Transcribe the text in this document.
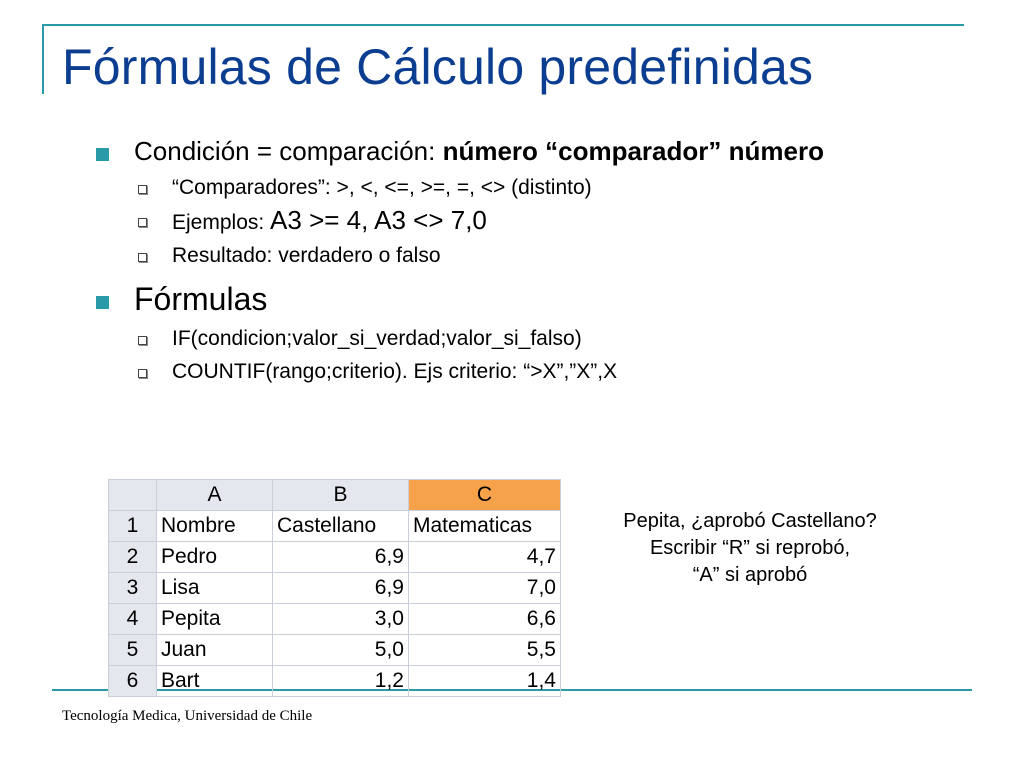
Fórmulas de Cálculo predefinidas
Condición = comparación: número “comparador” número
“Comparadores”: >, <, <=, >=, =, <> (distinto)
Ejemplos: A3 >= 4, A3 <> 7,0
Resultado: verdadero o falso
Fórmulas
IF(condicion;valor_si_verdad;valor_si_falso)
COUNTIF(rango;criterio). Ejs criterio: “>X”,”X”,X
	A	B	C
1	Nombre	Castellano	Matematicas
2	Pedro	6,9	4,7
3	Lisa	6,9	7,0
4	Pepita	3,0	6,6
5	Juan	5,0	5,5
6	Bart	1,2	1,4

Pepita, ¿aprobó Castellano?
Escribir “R” si reprobó,
“A” si aprobó

Tecnología Medica, Universidad de Chile
